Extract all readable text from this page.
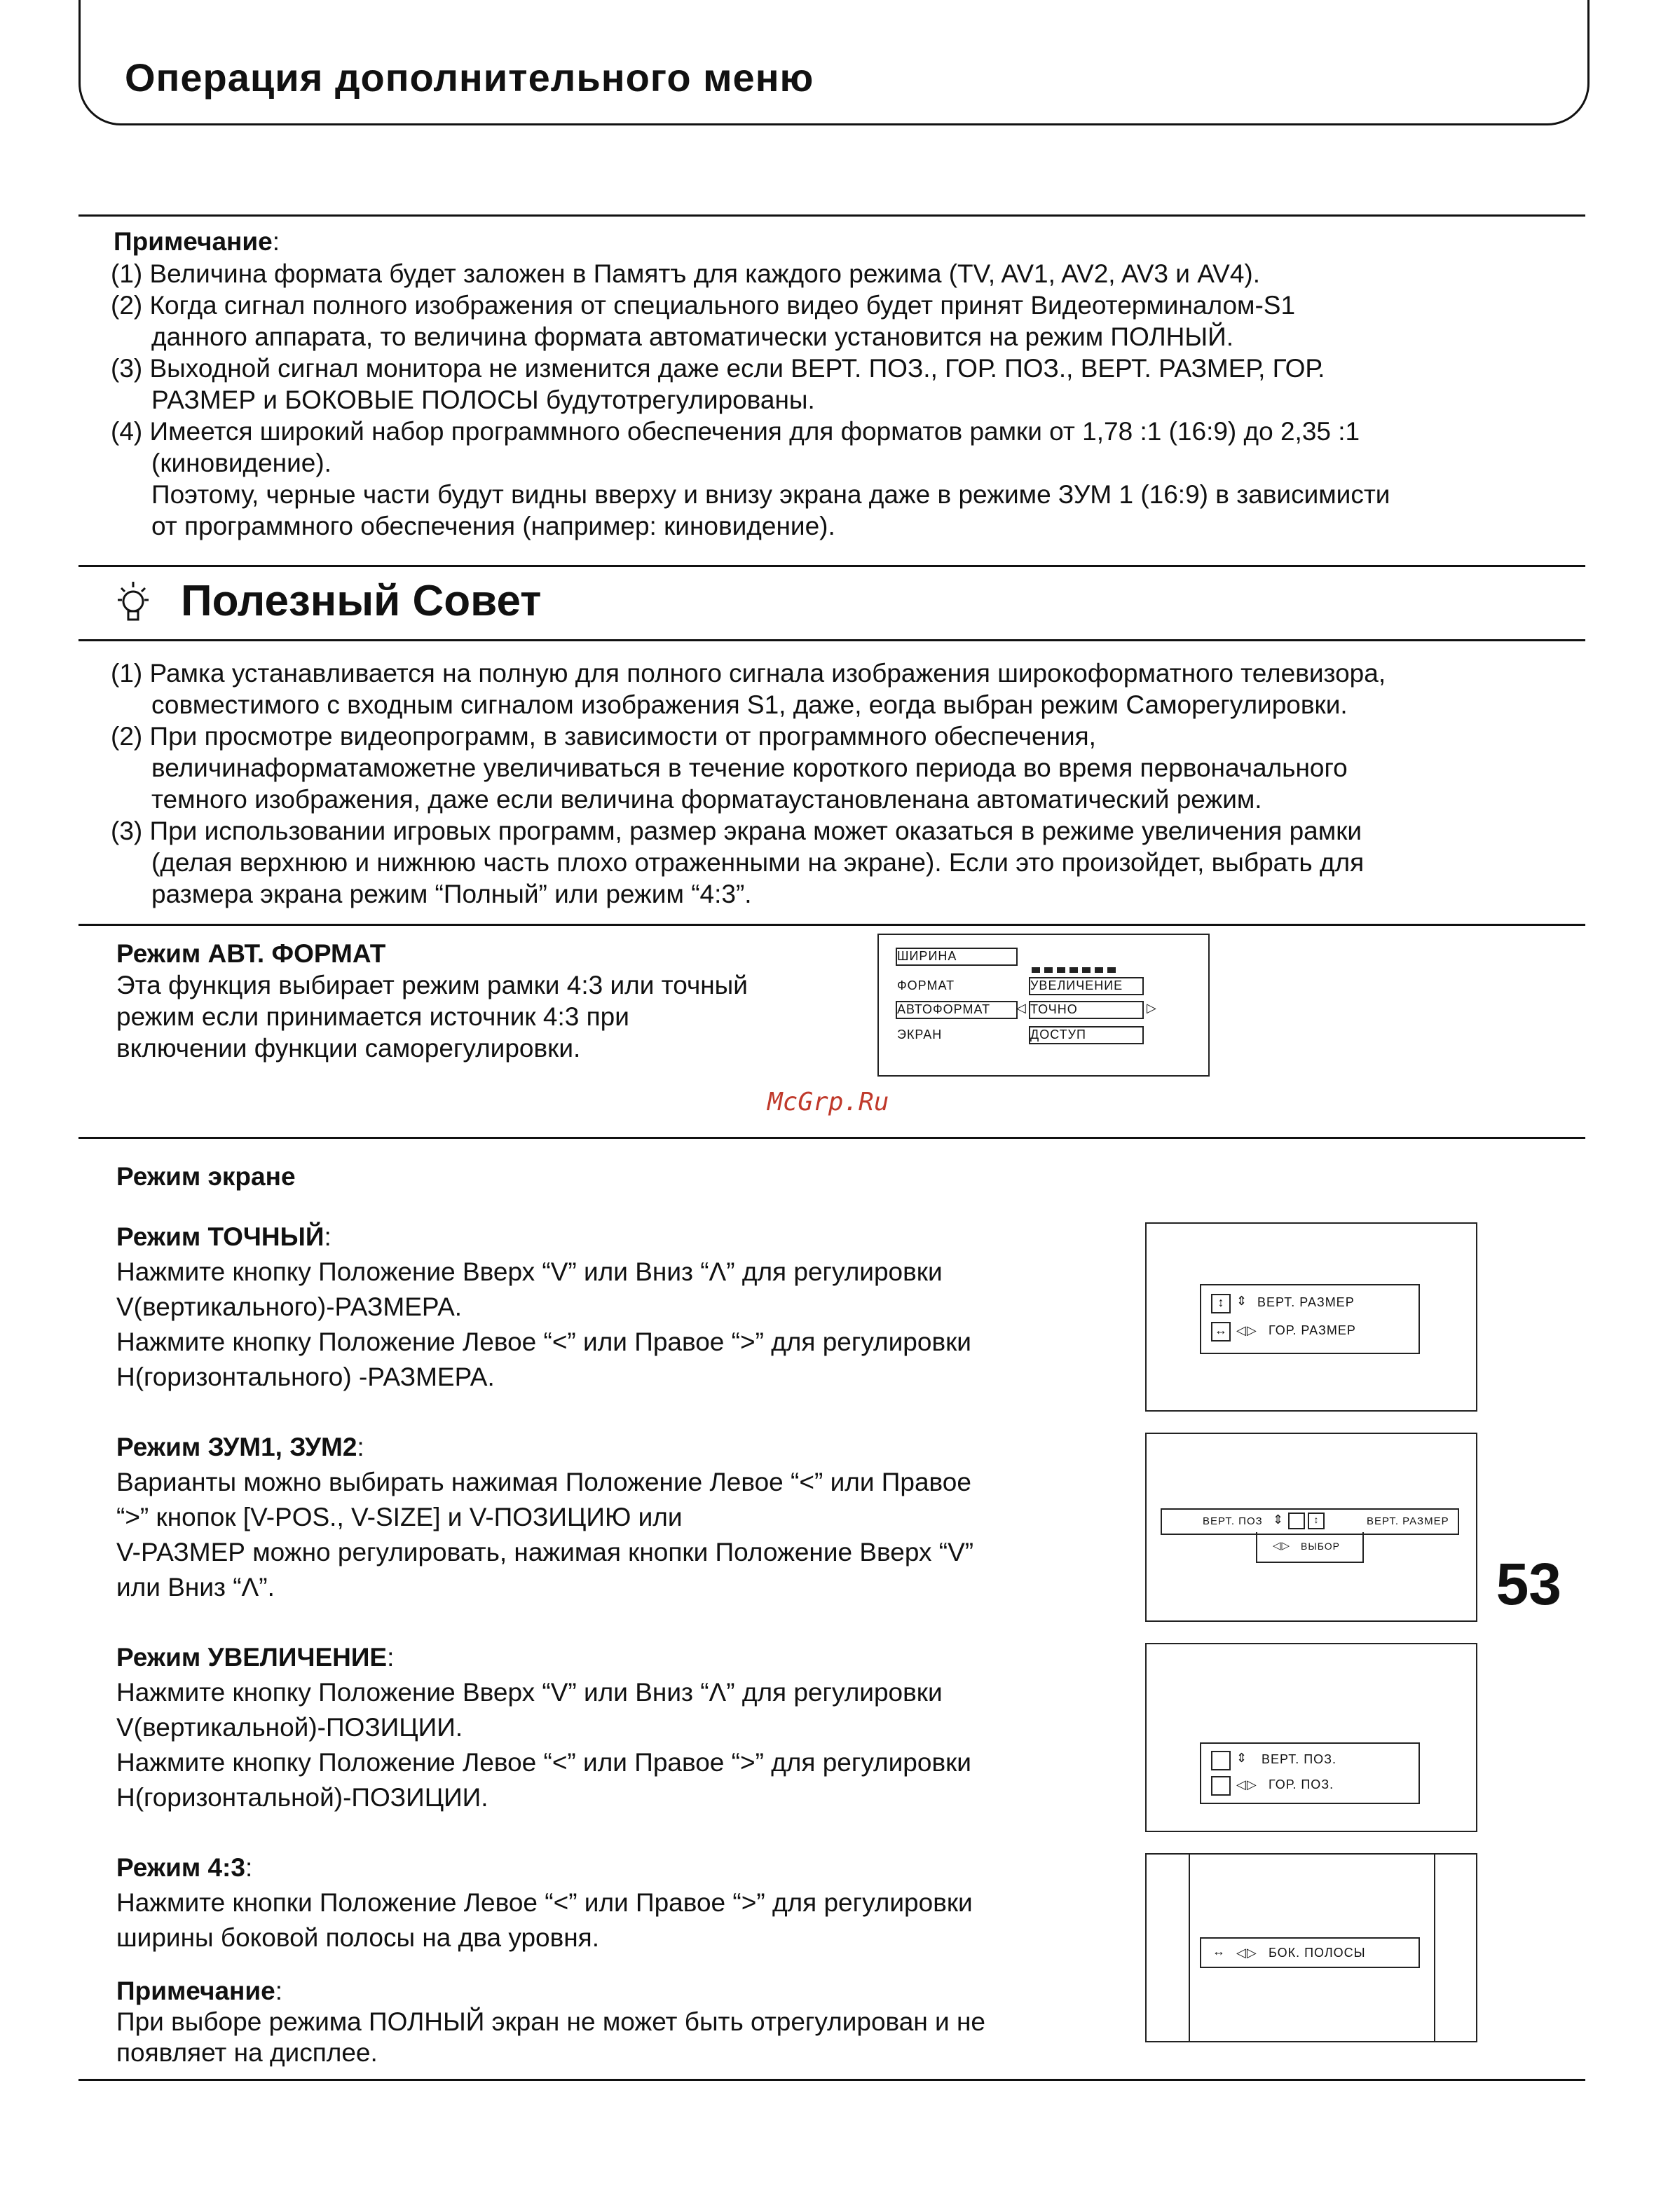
Операция дополнительного меню
Примечание:
(1) Величина формата будет заложен в Памятъ для каждого режима (TV, AV1, AV2, AV3 и AV4).
(2) Когда сигнал полного изображения от специального видео будет принят Видеотерминалом-S1
данного аппарата, то величина формата автоматически установится на режим ПОЛНЫЙ.
(3) Выходной сигнал монитора не изменится даже если ВЕРТ. ПОЗ., ГОР. ПОЗ., ВЕРТ. РАЗМЕР, ГОР.
РАЗМЕР и БОКОВЫЕ ПОЛОСЫ будутотрегулированы.
(4) Имеется широкий набор программного обеспечения для форматов рамки от 1,78 :1 (16:9) до 2,35 :1
(киновидение).
Поэтому, черные части будут видны вверху и внизу экрана даже в режиме ЗУМ 1 (16:9) в зависимисти
от программного обеспечения (например: киновидение).
Полезный Совет
(1) Рамка устанавливается на полную для полного сигнала изображения широкоформатного телевизора,
совместимого с входным сигналом изображения S1, даже, еогда выбран режим Саморегулировки.
(2) При просмотре видеопрограмм, в зависимости от программного обеспечения,
величинаформатаможетне увеличиваться в течение короткого периода во время первоначального
темного изображения, даже если величина форматаустановленана автоматический режим.
(3) При использовании игровых программ, размер экрана может оказаться в режиме увеличения рамки
(делая верхнюю и нижнюю часть плохо отраженными на экране). Если это произойдет, выбрать для
размера экрана режим “Полный” или режим “4:3”.
Режим АВТ. ФОРМАТ
Эта функция выбирает режим рамки 4:3 или точный
режим если принимается источник 4:3 при
включении функции саморегулировки.
ШИРИНА
ФОРМАТ	УВЕЛИЧЕНИЕ
АВТОФОРМАТ	◁ ТОЧНО	▷
ЭКРАН	ДОСТУП
McGrp.Ru
Режим экране
Режим ТОЧНЫЙ:
Нажмите кнопку Положение Вверх “V” или Вниз “Λ” для регулировки
V(вертикального)-РАЗМЕРА.
Нажмите кнопку Положение Левое “<” или Правое “>” для регулировки
H(горизонтального) -РАЗМЕРА.
↕ ⇕ ВЕРТ. РАЗМЕР
↔ ◁▷ ГОР. РАЗМЕР
Режим ЗУМ1, ЗУМ2:
Варианты можно выбирать нажимая Положение Левое “<” или Правое
“>” кнопок [V-POS., V-SIZE] и V-ПОЗИЦИЮ или
V-РАЗМЕР можно регулировать, нажимая кнопки Положение Вверх “V”
или Вниз “Λ”.
ВЕРТ. ПОЗ ⇕	↕	ВЕРТ. РАЗМЕР
◁▷ ВЫБОР
Режим УВЕЛИЧЕНИЕ:
Нажмите кнопку Положение Вверх “V” или Вниз “Λ” для регулировки
V(вертикальной)-ПОЗИЦИИ.
Нажмите кнопку Положение Левое “<” или Правое “>” для регулировки
H(горизонтальной)-ПОЗИЦИИ.
⇕ ВЕРТ. ПОЗ.
◁▷ ГОР. ПОЗ.
Режим 4:3:
Нажмите кнопки Положение Левое “<” или Правое “>” для регулировки
ширины боковой полосы на два уровня.	↔ ◁▷ БОК. ПОЛОСЫ
Примечание:
При выборе режима ПОЛНЫЙ экран не может быть отрегулирован и не
появляет на дисплее.
53
